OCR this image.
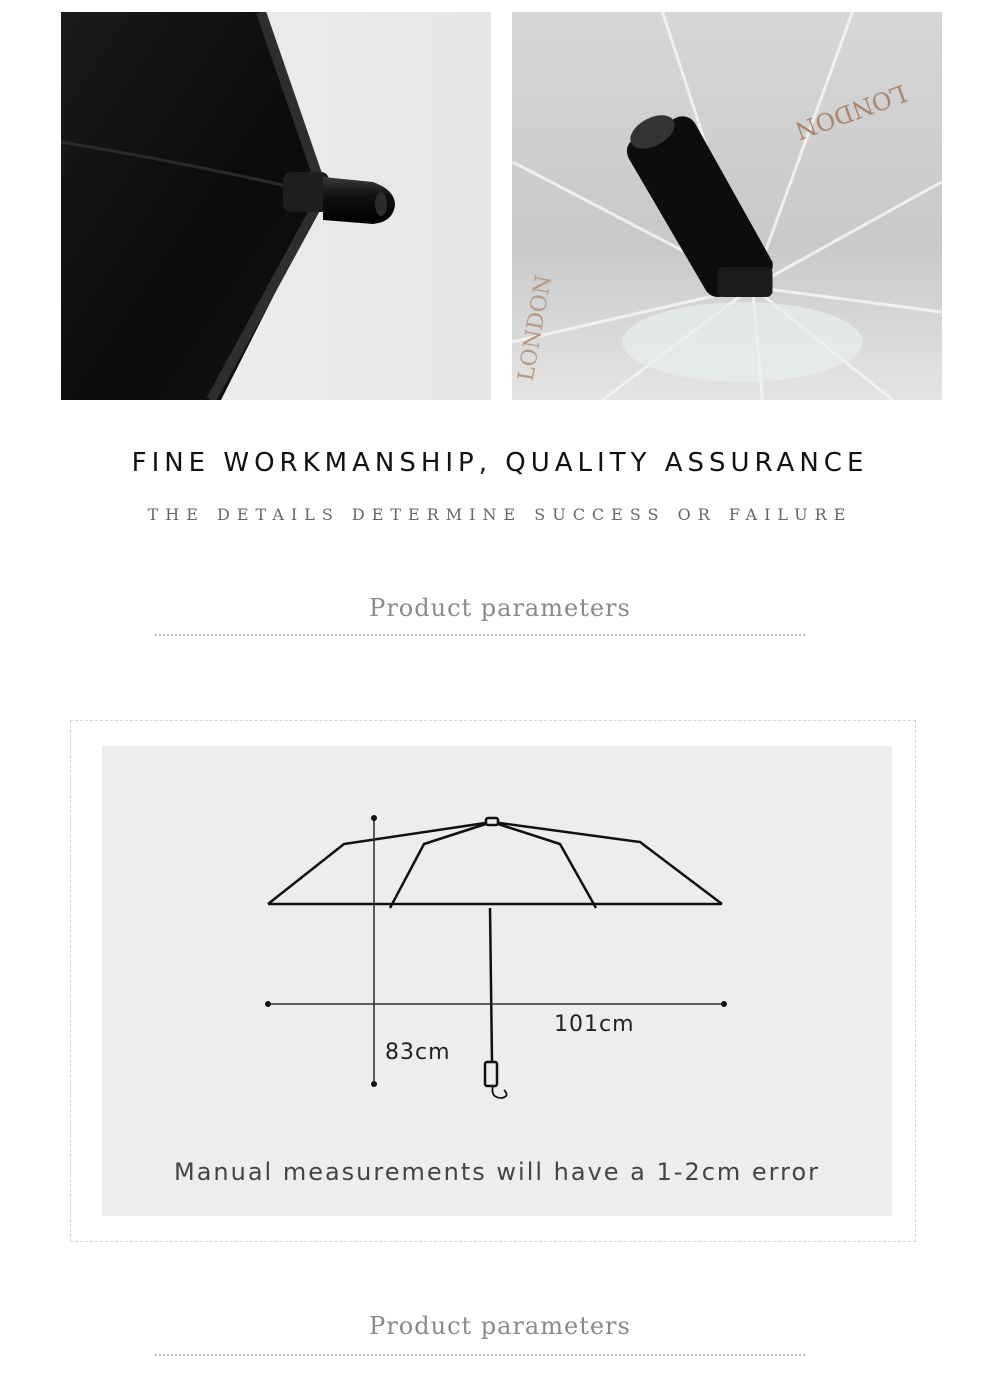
LONDON
LONDON
FINE WORKMANSHIP, QUALITY ASSURANCE
THE DETAILS DETERMINE SUCCESS OR FAILURE
Product parameters
83cm
101cm
Manual measurements will have a 1-2cm error
Product parameters
